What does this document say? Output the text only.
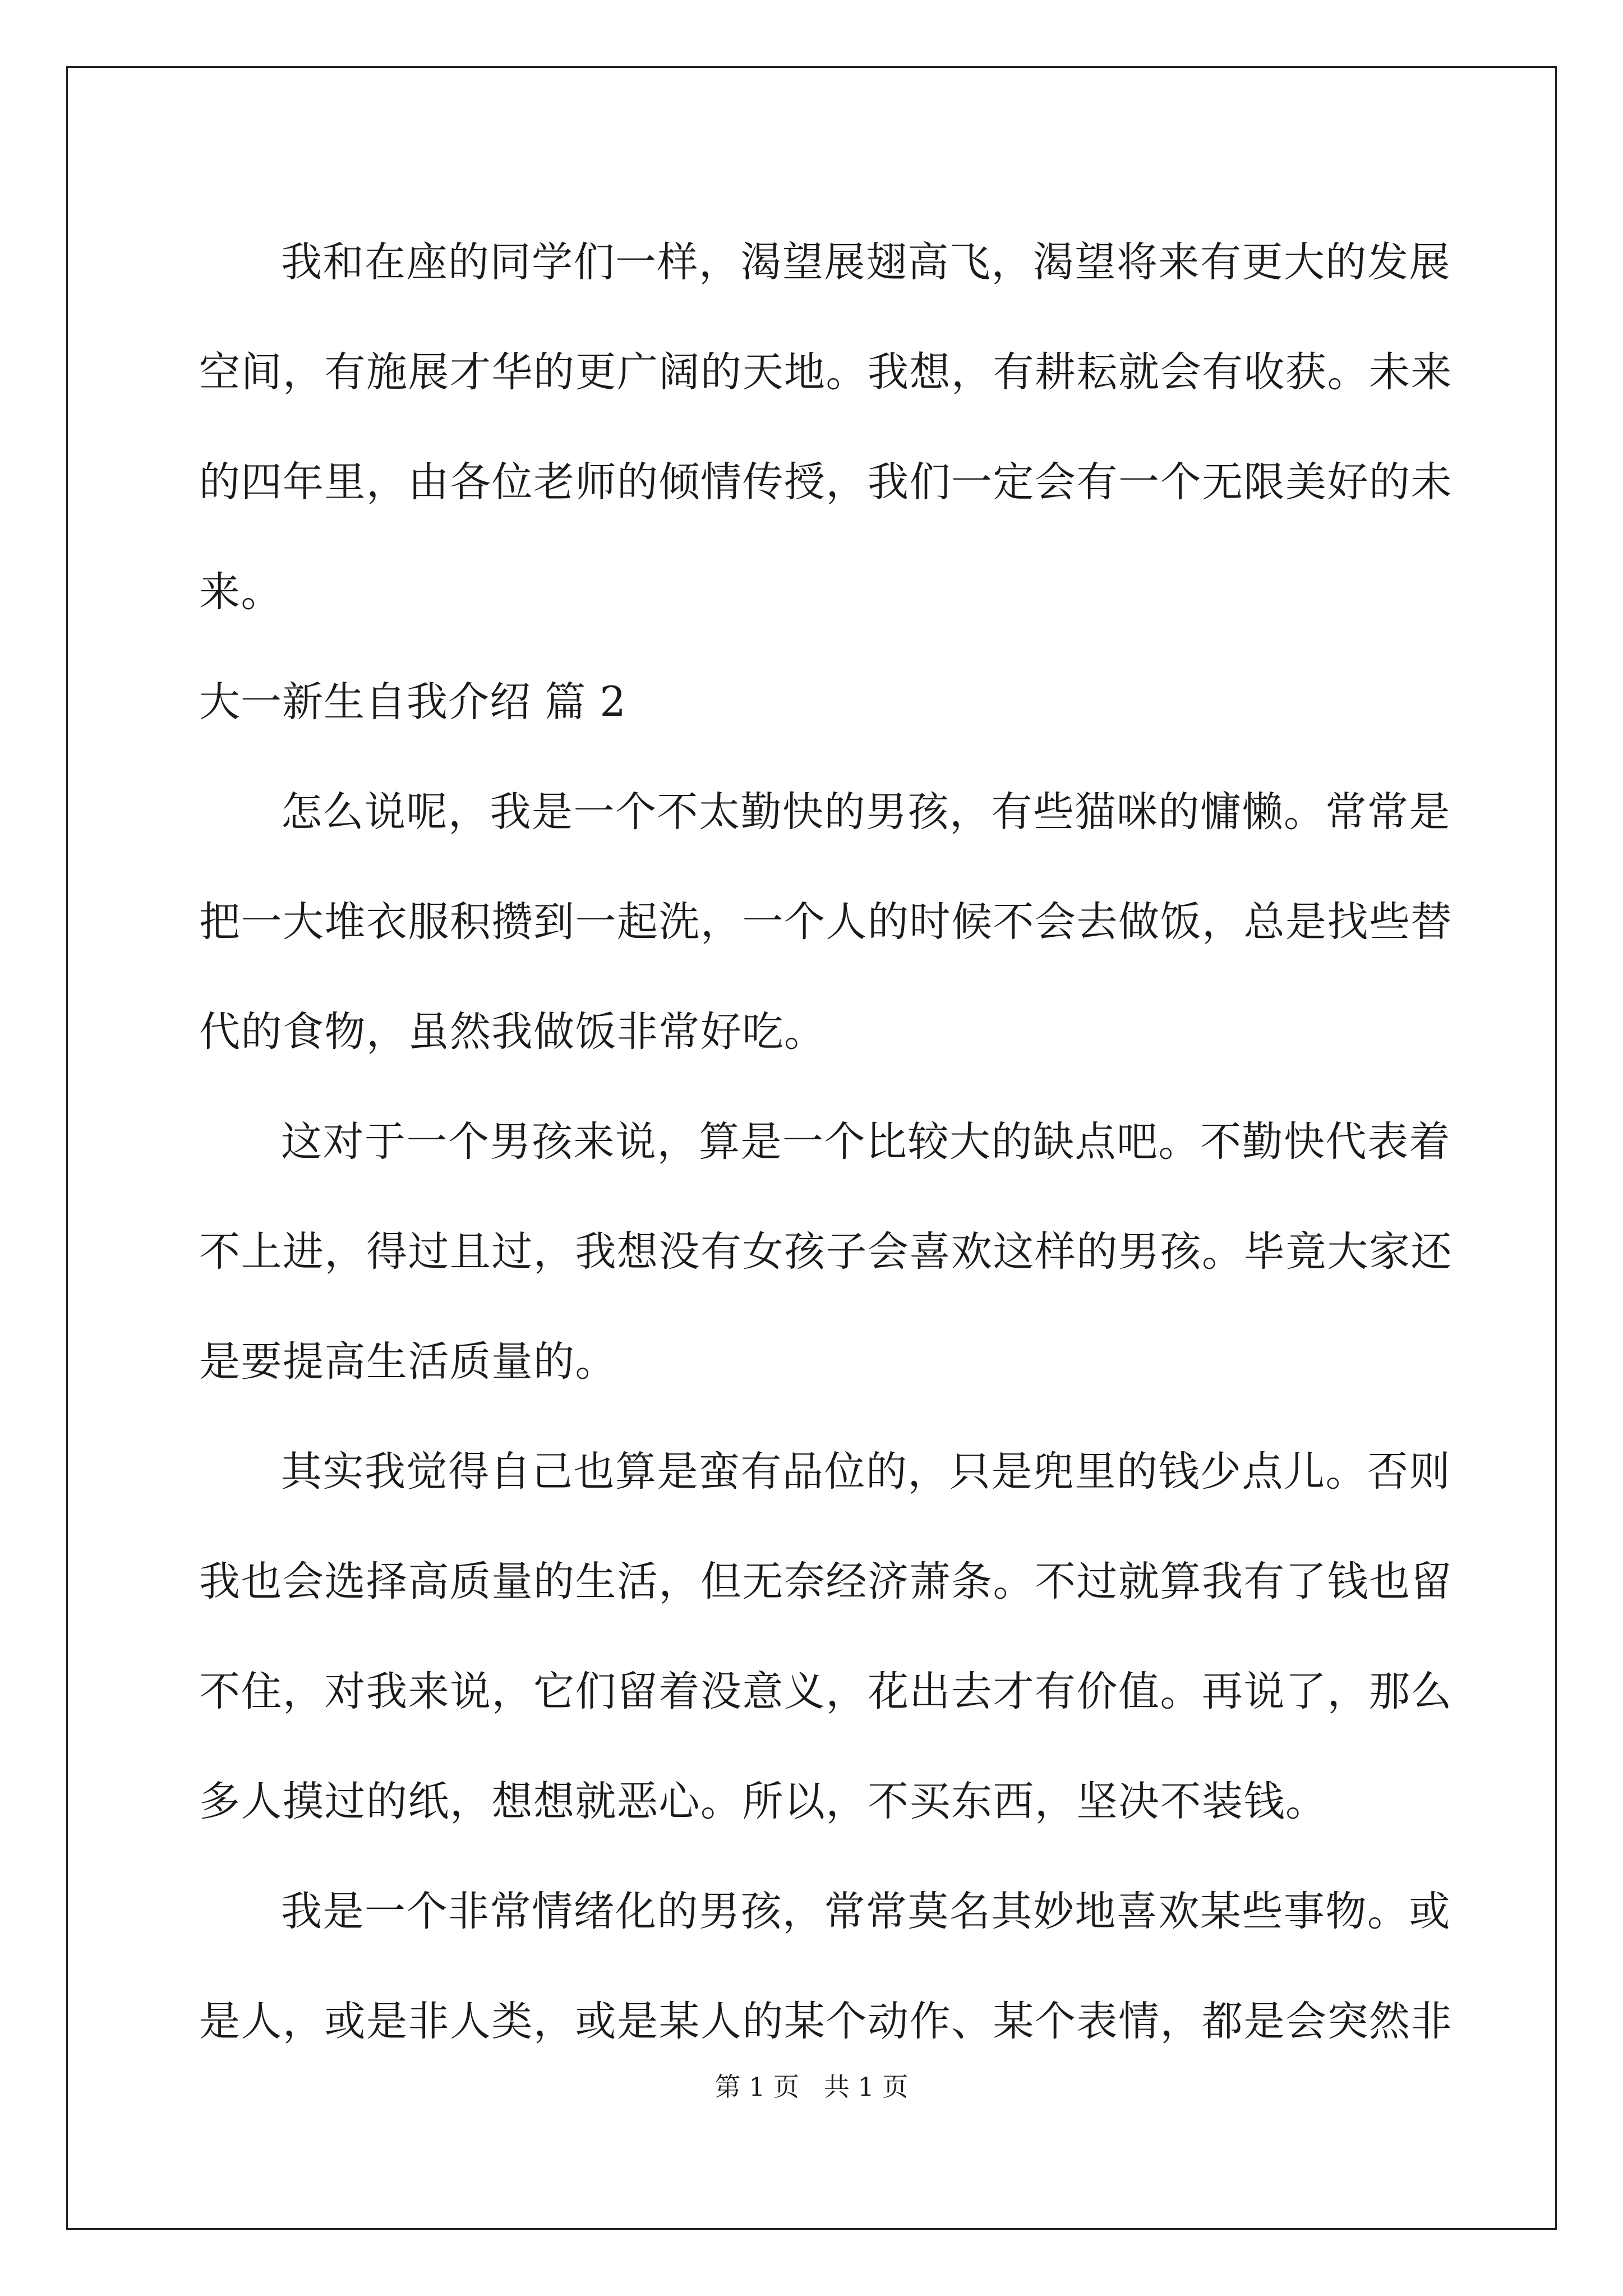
我和在座的同学们一样，渴望展翅高飞，渴望将来有更大的发展
空间，有施展才华的更广阔的天地。我想，有耕耘就会有收获。未来
的四年里，由各位老师的倾情传授，我们一定会有一个无限美好的未
来。
大一新生自我介绍 篇 2
怎么说呢，我是一个不太勤快的男孩，有些猫咪的慵懒。常常是
把一大堆衣服积攒到一起洗，一个人的时候不会去做饭，总是找些替
代的食物，虽然我做饭非常好吃。
这对于一个男孩来说，算是一个比较大的缺点吧。不勤快代表着
不上进，得过且过，我想没有女孩子会喜欢这样的男孩。毕竟大家还
是要提高生活质量的。
其实我觉得自己也算是蛮有品位的，只是兜里的钱少点儿。否则
我也会选择高质量的生活，但无奈经济萧条。不过就算我有了钱也留
不住，对我来说，它们留着没意义，花出去才有价值。再说了，那么
多人摸过的纸，想想就恶心。所以，不买东西，坚决不装钱。
我是一个非常情绪化的男孩，常常莫名其妙地喜欢某些事物。或
是人，或是非人类，或是某人的某个动作、某个表情，都是会突然非
第 1 页   共 1 页
